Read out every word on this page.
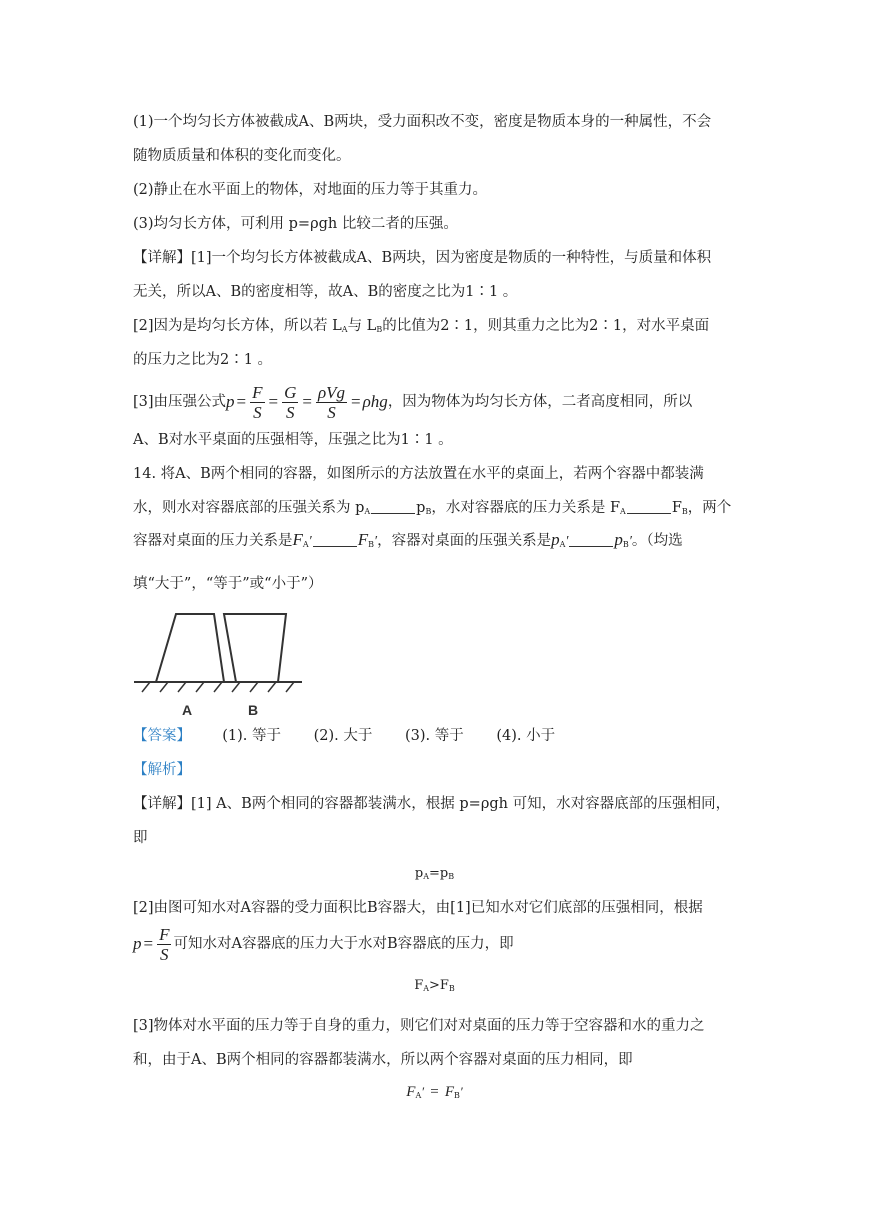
(1)一个均匀长方体被截成A、B两块，受力面积改不变，密度是物质本身的一种属性，不会
随物质质量和体积的变化而变化。
(2)静止在水平面上的物体，对地面的压力等于其重力。
(3)均匀长方体，可利用 p=ρgh 比较二者的压强。
【详解】[1]一个均匀长方体被截成A、B两块，因为密度是物质的一种特性，与质量和体积
无关，所以A、B的密度相等，故A、B的密度之比为1∶1 。
[2]因为是均匀长方体，所以若 $L_A$与 $L_B$的比值为2∶1，则其重力之比为2∶1，对水平桌面
的压力之比为2∶1 。
[3]由压强公式 $p = \frac{F}{S} = \frac{G}{S} = \frac{\text{ρVg}}{S} = \rho hg$ ，因为物体为均匀长方体，二者高度相同，所以
A、B对水平桌面的压强相等，压强之比为1∶1 。
14. 将A、B两个相同的容器，如图所示的方法放置在水平的桌面上，若两个容器中都装满
水，则水对容器底部的压强关系为 $p_A$	$p_B$，水对容器底的压力关系是 $F_A$	$F_B$，两个
容器对桌面的压力关系是$F_A'$	$F_B'$，容器对桌面的压强关系是$p_A'$	$p_B'$。（均选
填“大于”，“等于”或“小于”）
A	B
【答案】 (1). 等于 (2). 大于 (3). 等于 (4). 小于
【解析】
【详解】[1] A、B两个相同的容器都装满水，根据 p=ρgh 可知，水对容器底部的压强相同，
即
$p_A=p_B$
[2]由图可知水对A容器的受力面积比B容器大，由[1]已知水对它们底部的压强相同，根据
$p = \frac{F}{S}$ 可知水对A容器底的压力大于水对B容器底的压力，即
$F_A>F_B$
[3]物体对水平面的压力等于自身的重力，则它们对对桌面的压力等于空容器和水的重力之
和，由于A、B两个相同的容器都装满水，所以两个容器对桌面的压力相同，即
$F_A' = F_B'$
